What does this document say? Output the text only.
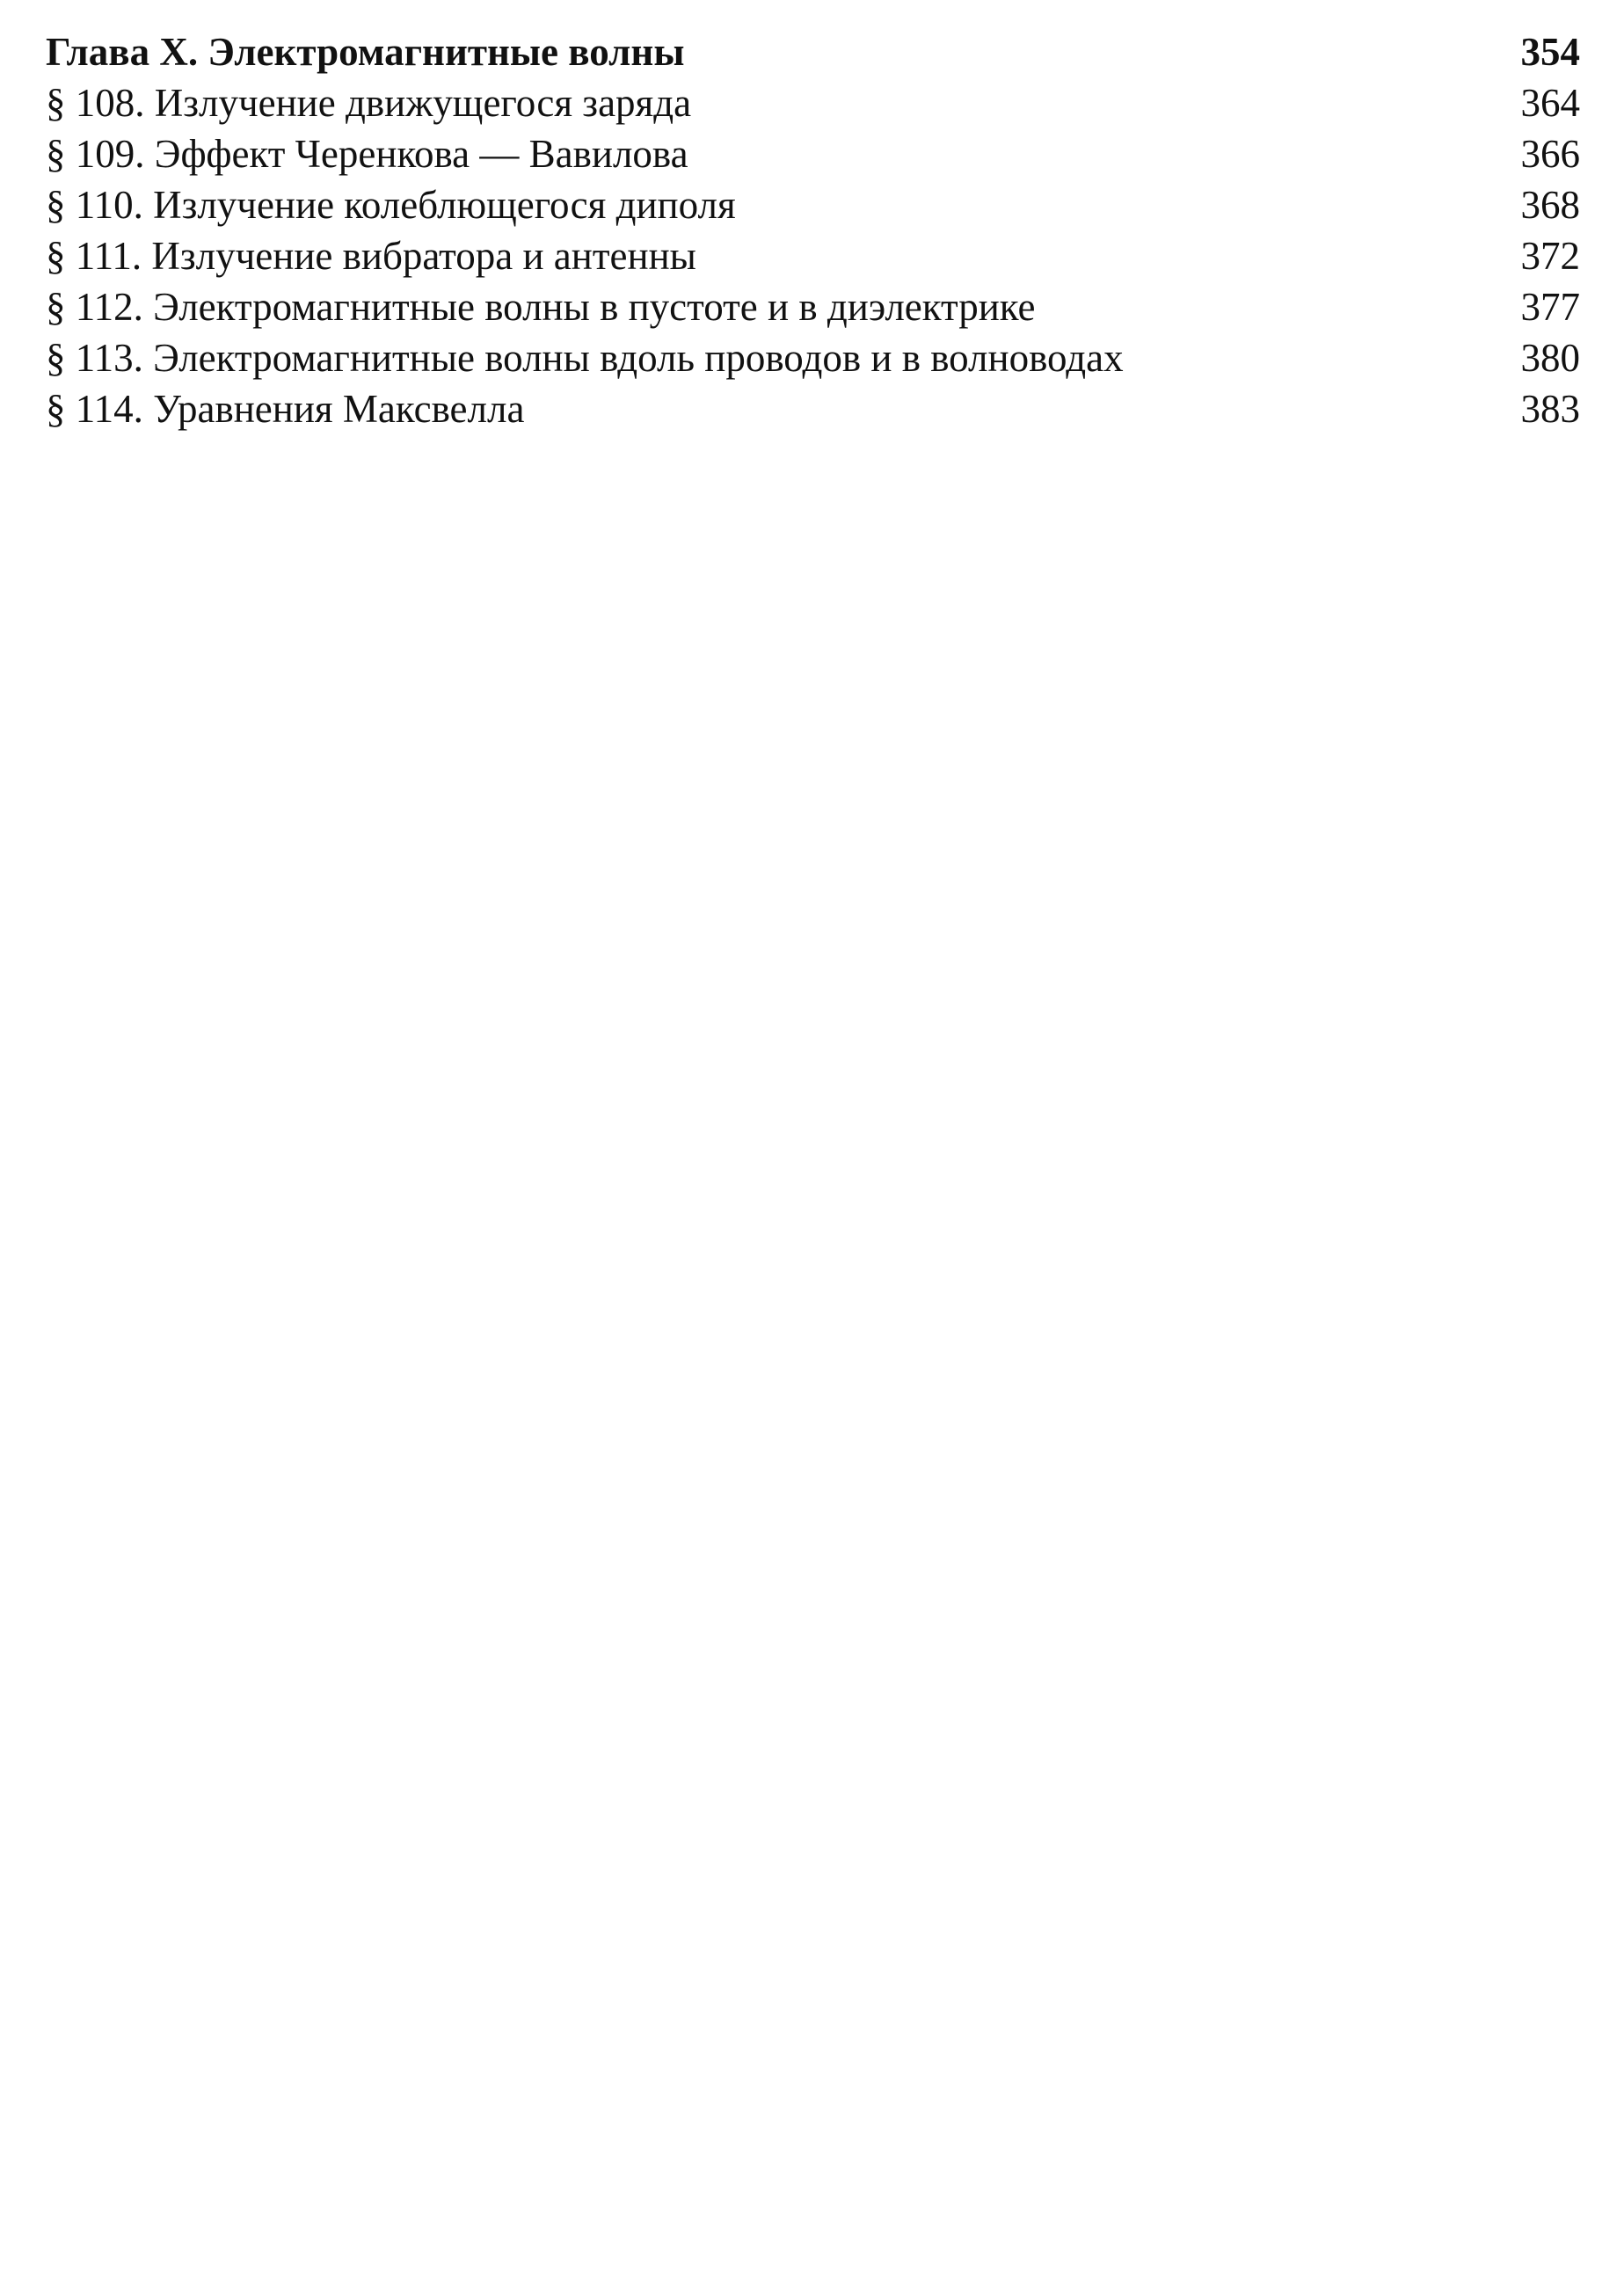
Глава X. Электромагнитные волны	354
§ 108. Излучение движущегося заряда	364
§ 109. Эффект Черенкова — Вавилова	366
§ 110. Излучение колеблющегося диполя	368
§ 111. Излучение вибратора и антенны	372
§ 112. Электромагнитные волны в пустоте и в диэлектрике	377
§ 113. Электромагнитные волны вдоль проводов и в волноводах	380
§ 114. Уравнения Максвелла	383
